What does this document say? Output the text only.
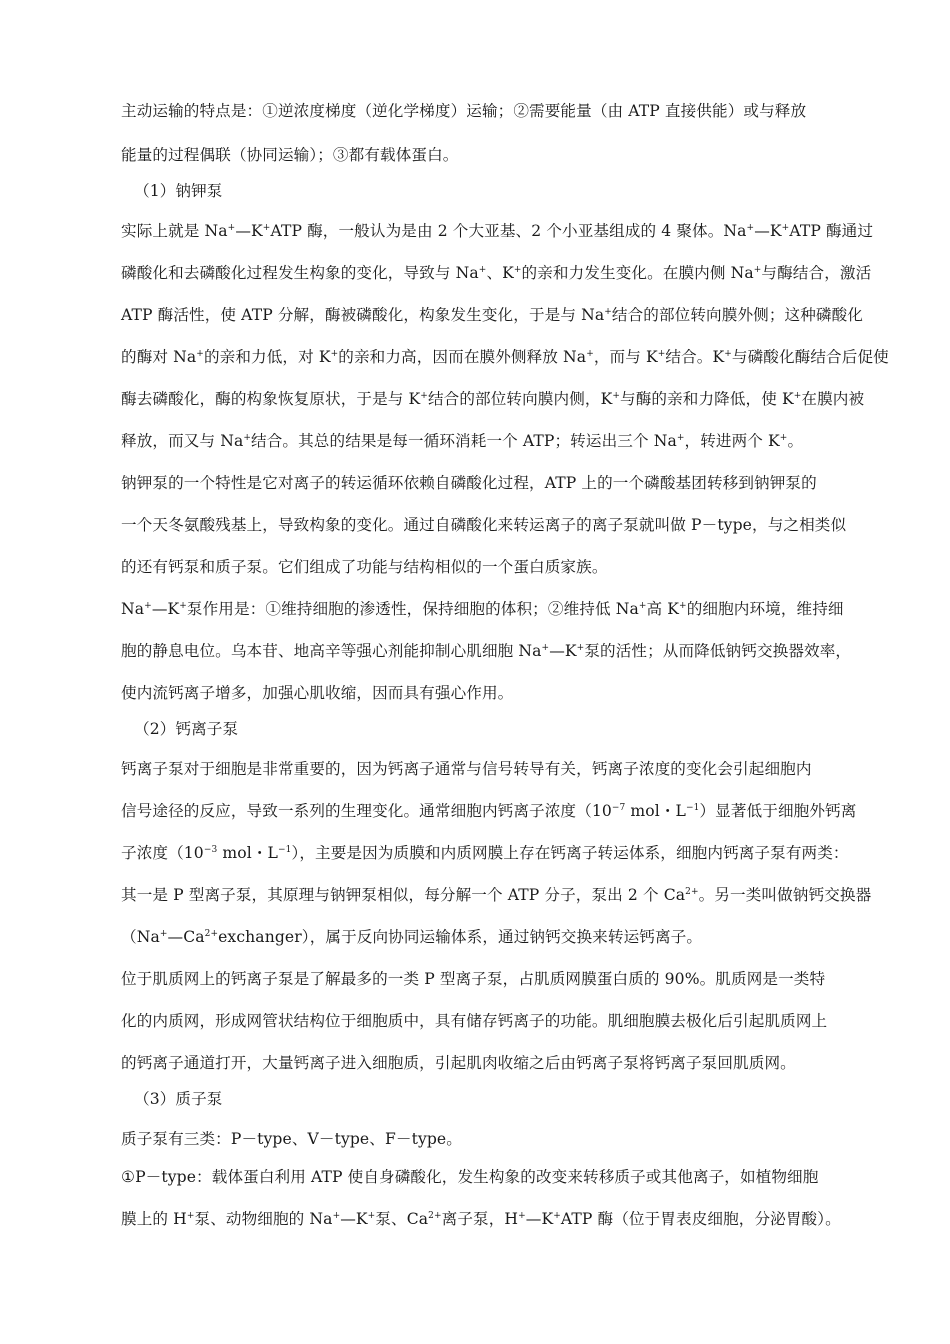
主动运输的特点是：①逆浓度梯度（逆化学梯度）运输；②需要能量（由 ATP 直接供能）或与释放
能量的过程偶联（协同运输）；③都有载体蛋白。
（1）钠钾泵
实际上就是 Na+—K+ATP 酶，一般认为是由 2 个大亚基、2 个小亚基组成的 4 聚体。Na+—K+ATP 酶通过
磷酸化和去磷酸化过程发生构象的变化，导致与 Na+、K+的亲和力发生变化。在膜内侧 Na+与酶结合，激活
ATP 酶活性，使 ATP 分解，酶被磷酸化，构象发生变化，于是与 Na+结合的部位转向膜外侧；这种磷酸化
的酶对 Na+的亲和力低，对 K+的亲和力高，因而在膜外侧释放 Na+，而与 K+结合。K+与磷酸化酶结合后促使
酶去磷酸化，酶的构象恢复原状，于是与 K+结合的部位转向膜内侧，K+与酶的亲和力降低，使 K+在膜内被
释放，而又与 Na+结合。其总的结果是每一循环消耗一个 ATP；转运出三个 Na+，转进两个 K+。
钠钾泵的一个特性是它对离子的转运循环依赖自磷酸化过程，ATP 上的一个磷酸基团转移到钠钾泵的
一个天冬氨酸残基上，导致构象的变化。通过自磷酸化来转运离子的离子泵就叫做 P－type，与之相类似
的还有钙泵和质子泵。它们组成了功能与结构相似的一个蛋白质家族。
Na+—K+泵作用是：①维持细胞的渗透性，保持细胞的体积；②维持低 Na+高 K+的细胞内环境，维持细
胞的静息电位。乌本苷、地高辛等强心剂能抑制心肌细胞 Na+—K+泵的活性；从而降低钠钙交换器效率，
使内流钙离子增多，加强心肌收缩，因而具有强心作用。
（2）钙离子泵
钙离子泵对于细胞是非常重要的，因为钙离子通常与信号转导有关，钙离子浓度的变化会引起细胞内
信号途径的反应，导致一系列的生理变化。通常细胞内钙离子浓度（$10^{-7}$ mol・$L^{-1}$）显著低于细胞外钙离
子浓度（$10^{-3}$ mol・$L^{-1}$），主要是因为质膜和内质网膜上存在钙离子转运体系，细胞内钙离子泵有两类：
其一是 P 型离子泵，其原理与钠钾泵相似，每分解一个 ATP 分子，泵出 2 个 $Ca^{2+}$。另一类叫做钠钙交换器
$(Na^+—Ca^{2+}exchanger)$，属于反向协同运输体系，通过钠钙交换来转运钙离子。
位于肌质网上的钙离子泵是了解最多的一类 P 型离子泵，占肌质网膜蛋白质的 90%。肌质网是一类特
化的内质网，形成网管状结构位于细胞质中，具有储存钙离子的功能。肌细胞膜去极化后引起肌质网上
的钙离子通道打开，大量钙离子进入细胞质，引起肌肉收缩之后由钙离子泵将钙离子泵回肌质网。
（3）质子泵
质子泵有三类：P－type、V－type、F－type。
①P－type：载体蛋白利用 ATP 使自身磷酸化，发生构象的改变来转移质子或其他离子，如植物细胞
膜上的 H+泵、动物细胞的 Na+—K+泵、$Ca^{2+}$离子泵，H+—K+ATP 酶（位于胃表皮细胞，分泌胃酸）。
